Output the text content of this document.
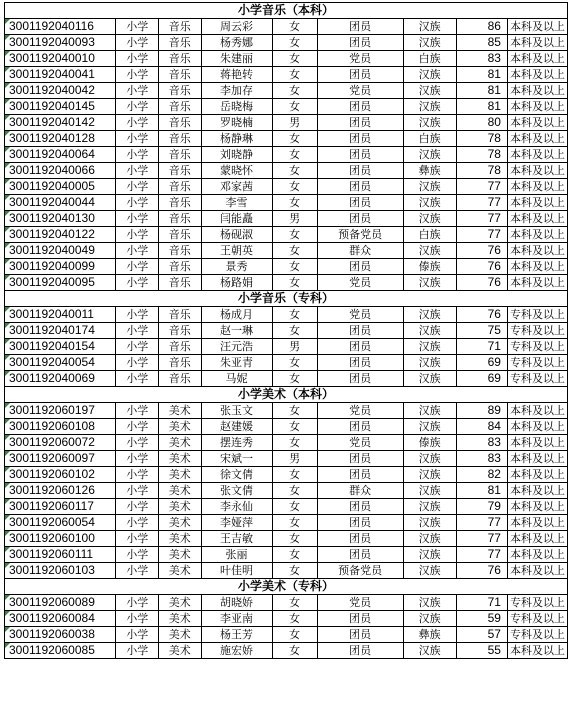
小学音乐（本科）								
3001192040116	小学	音乐	周云彩	女	团员	汉族	86	本科及以上
3001192040093	小学	音乐	杨秀娜	女	团员	汉族	85	本科及以上
3001192040010	小学	音乐	朱建丽	女	党员	白族	83	本科及以上
3001192040041	小学	音乐	蒋艳转	女	团员	汉族	81	本科及以上
3001192040042	小学	音乐	李加存	女	党员	汉族	81	本科及以上
3001192040145	小学	音乐	岳晓梅	女	团员	汉族	81	本科及以上
3001192040142	小学	音乐	罗晓楠	男	团员	汉族	80	本科及以上
3001192040128	小学	音乐	杨静琳	女	团员	白族	78	本科及以上
3001192040064	小学	音乐	刘晓静	女	团员	汉族	78	本科及以上
3001192040066	小学	音乐	蒙晓怀	女	团员	彝族	78	本科及以上
3001192040005	小学	音乐	邓家茜	女	团员	汉族	77	本科及以上
3001192040044	小学	音乐	李雪	女	团员	汉族	77	本科及以上
3001192040130	小学	音乐	闫能矗	男	团员	汉族	77	本科及以上
3001192040122	小学	音乐	杨砚淑	女	预备党员	白族	77	本科及以上
3001192040049	小学	音乐	王朝英	女	群众	汉族	76	本科及以上
3001192040099	小学	音乐	景秀	女	团员	傣族	76	本科及以上
3001192040095	小学	音乐	杨路娟	女	党员	汉族	76	本科及以上
小学音乐（专科）								
3001192040011	小学	音乐	杨成月	女	党员	汉族	76	专科及以上
3001192040174	小学	音乐	赵一琳	女	团员	汉族	75	专科及以上
3001192040154	小学	音乐	汪元浩	男	团员	汉族	71	专科及以上
3001192040054	小学	音乐	朱亚青	女	团员	汉族	69	专科及以上
3001192040069	小学	音乐	马妮	女	团员	汉族	69	专科及以上
小学美术（本科）								
3001192060197	小学	美术	张玉文	女	党员	汉族	89	本科及以上
3001192060108	小学	美术	赵建媛	女	团员	汉族	84	本科及以上
3001192060072	小学	美术	摆连秀	女	党员	傣族	83	本科及以上
3001192060097	小学	美术	宋斌一	男	团员	汉族	83	本科及以上
3001192060102	小学	美术	徐文倩	女	团员	汉族	82	本科及以上
3001192060126	小学	美术	张文倩	女	群众	汉族	81	本科及以上
3001192060117	小学	美术	李永仙	女	团员	汉族	79	本科及以上
3001192060054	小学	美术	李娅萍	女	团员	汉族	77	本科及以上
3001192060100	小学	美术	王吉敏	女	团员	汉族	77	本科及以上
3001192060111	小学	美术	张丽	女	团员	汉族	77	本科及以上
3001192060103	小学	美术	叶佳明	女	预备党员	汉族	76	本科及以上
小学美术（专科）								
3001192060089	小学	美术	胡晓娇	女	党员	汉族	71	专科及以上
3001192060084	小学	美术	李亚南	女	团员	汉族	59	专科及以上
3001192060038	小学	美术	杨王芳	女	团员	彝族	57	专科及以上
3001192060085	小学	美术	施宏娇	女	团员	汉族	55	本科及以上
